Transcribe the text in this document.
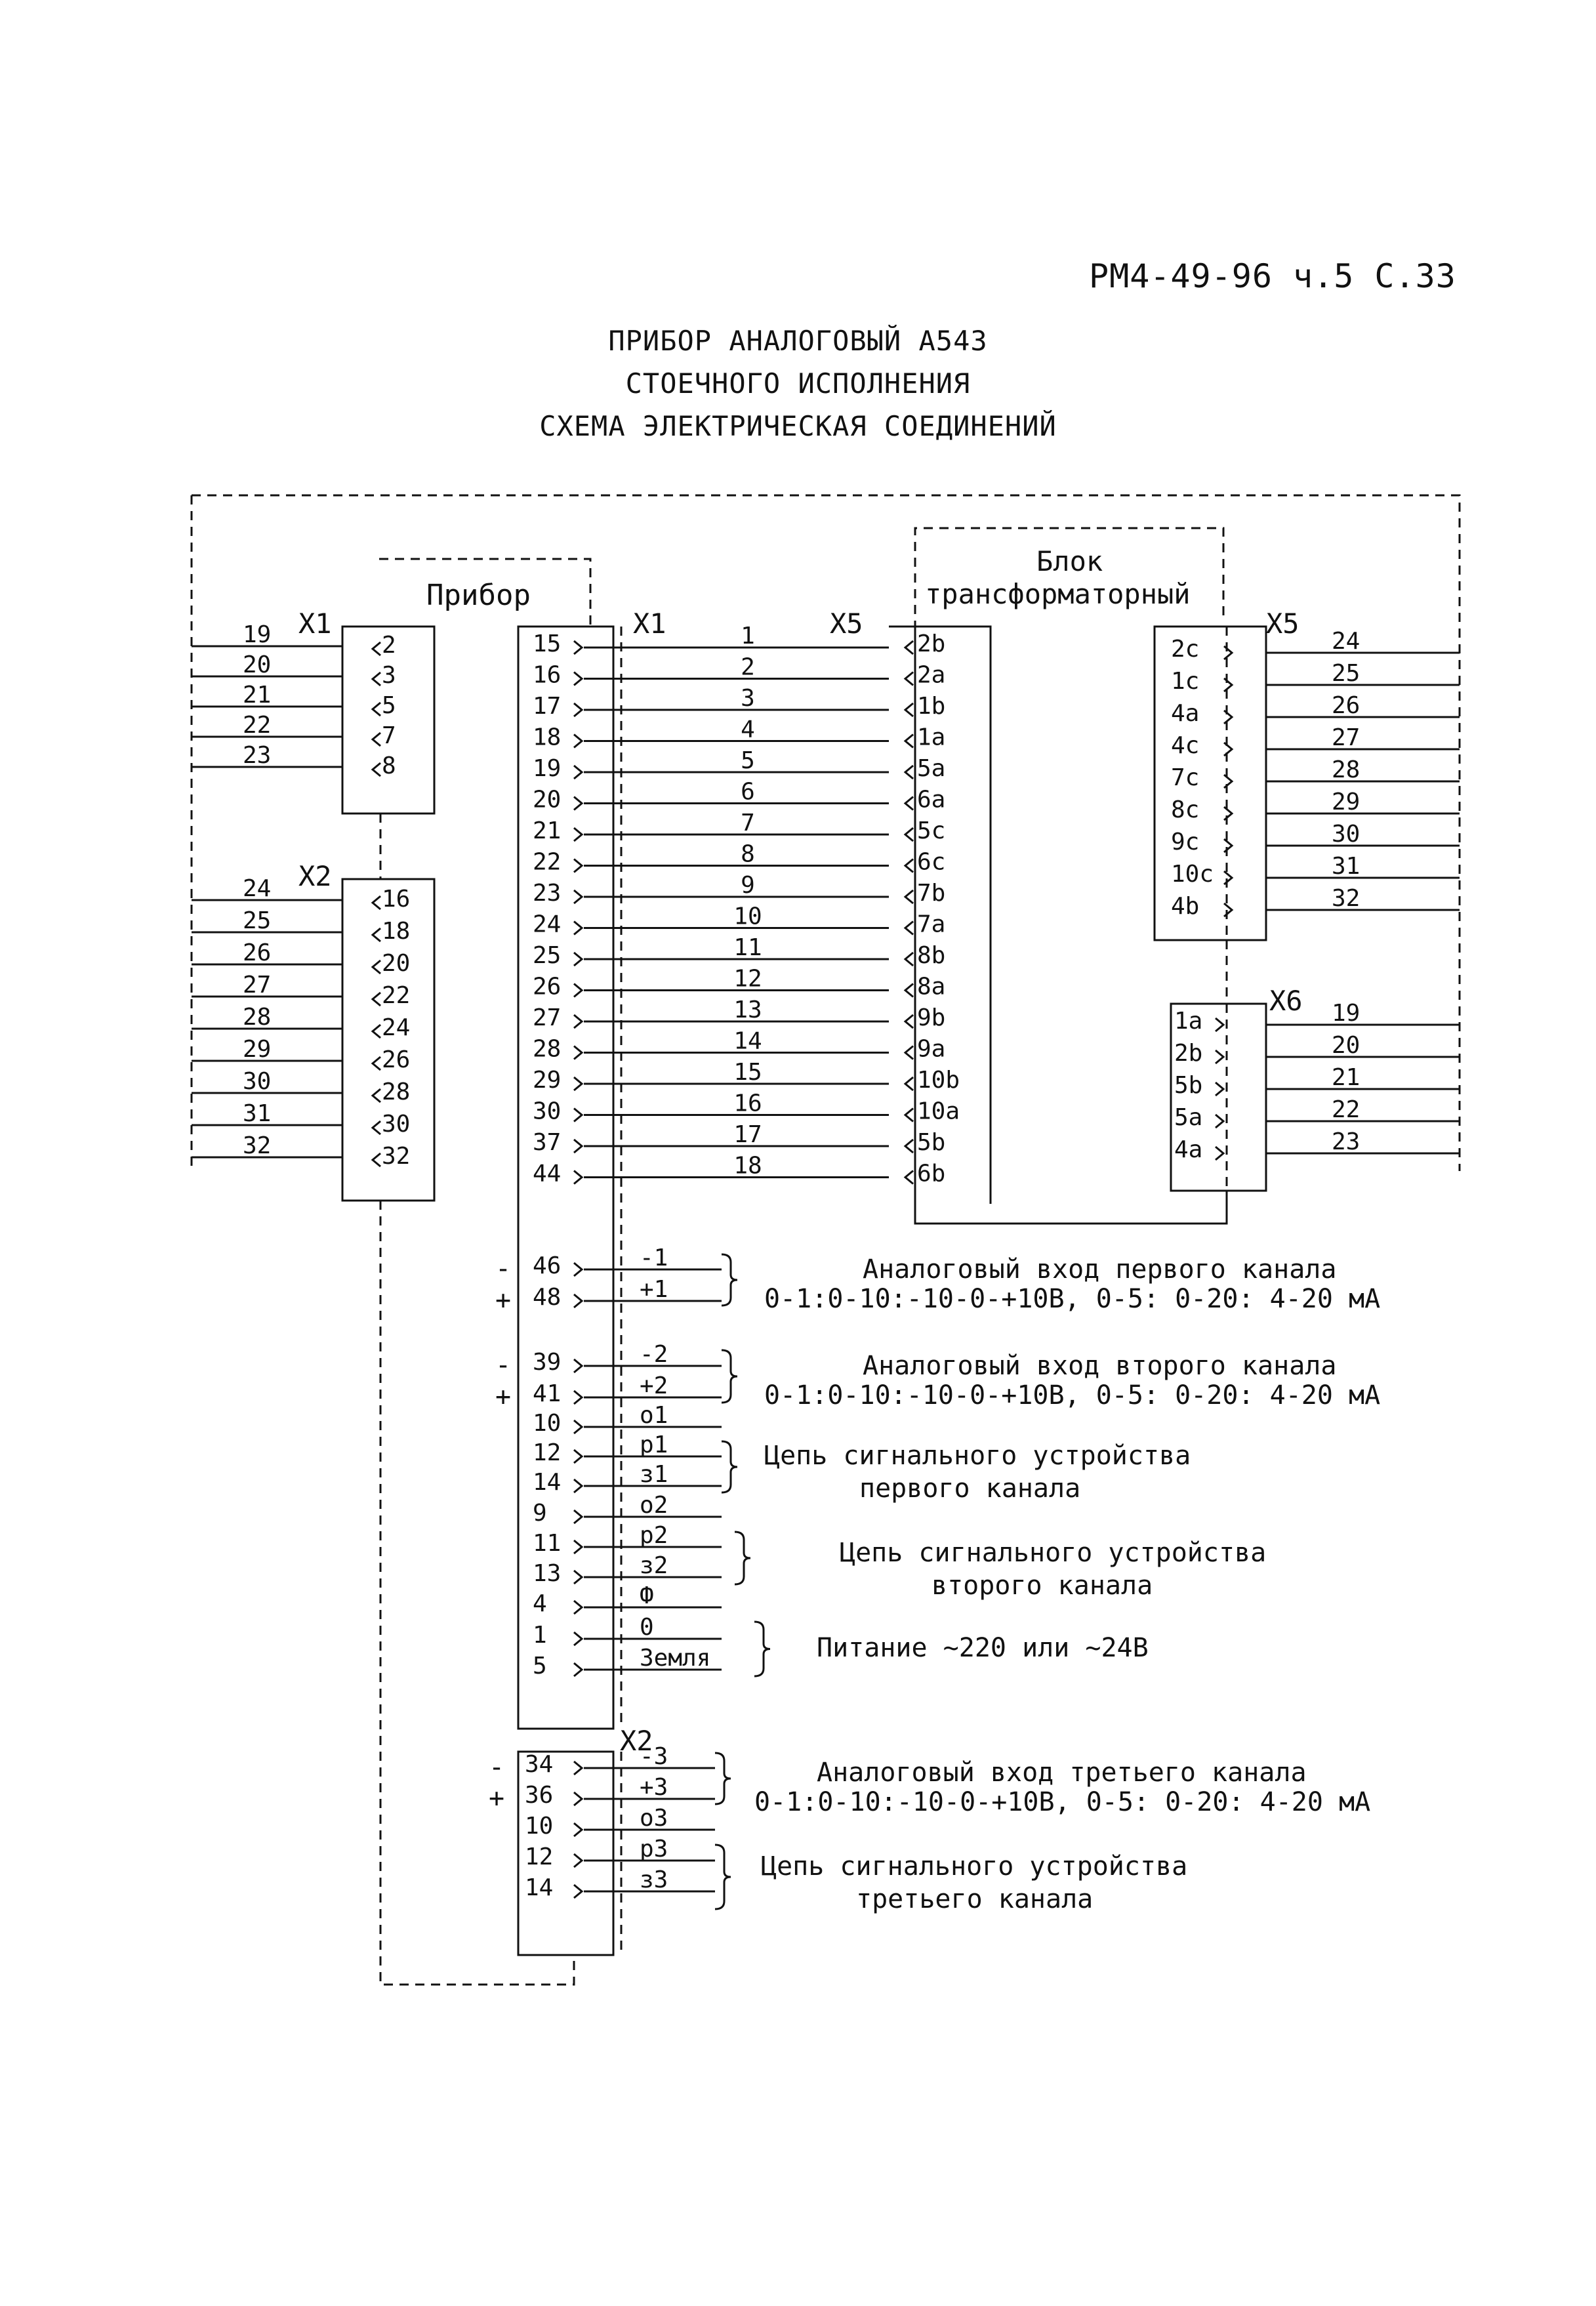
РМ4-49-96 ч.5 С.33
ПРИБОР АНАЛОГОВЫЙ А543
СТОЕЧНОГО ИСПОЛНЕНИЯ
СХЕМА ЭЛЕКТРИЧЕСКАЯ СОЕДИНЕНИЙ
Прибор
Блок
трансформаторный
X1
X2
X1	X5	X5
X6
X2
Аналоговый вход первого канала
0-1:0-10:-10-0-+10В, 0-5: 0-20: 4-20 мА
Аналоговый вход второго канала
0-1:0-10:-10-0-+10В, 0-5: 0-20: 4-20 мА
Цепь сигнального устройства
первого канала
Цепь сигнального устройства
второго канала
Питание ~220 или ~24В
Аналоговый вход третьего канала
0-1:0-10:-10-0-+10В, 0-5: 0-20: 4-20 мА
Цепь сигнального устройства
третьего канала
19	2
20	3
21	5
22	7
23	8
24	16
25	18
26	20
27	22
28	24
29	26
30	28
31	30
32	32
15	1	2b
16	2	2a
17	3	1b
18	4	1a
19	5	5a
20	6	6a
21	7	5c
22	8	6c
23	9	7b
24	10	7a
25	11	8b
26	12	8a
27	13	9b
28	14	9a
29	15	10b
30	16	10a
37	17	5b
44	18	6b
2c	24
1c	25
4a	26
4c	27
7c	28
8c	29
9c	30
10c	31
4b	32
1a	19
2b	20
5b	21
5a	22
4a	23
46	-1
-
48	+1
+
39	-2
-
41	+2
+
10	o1
12	p1
14	з1
9	o2
11	p2
13	з2
4	Ф
1	0
5	Земля
34	-3
-
36	+3
+
10	o3
12	p3
14	з3
